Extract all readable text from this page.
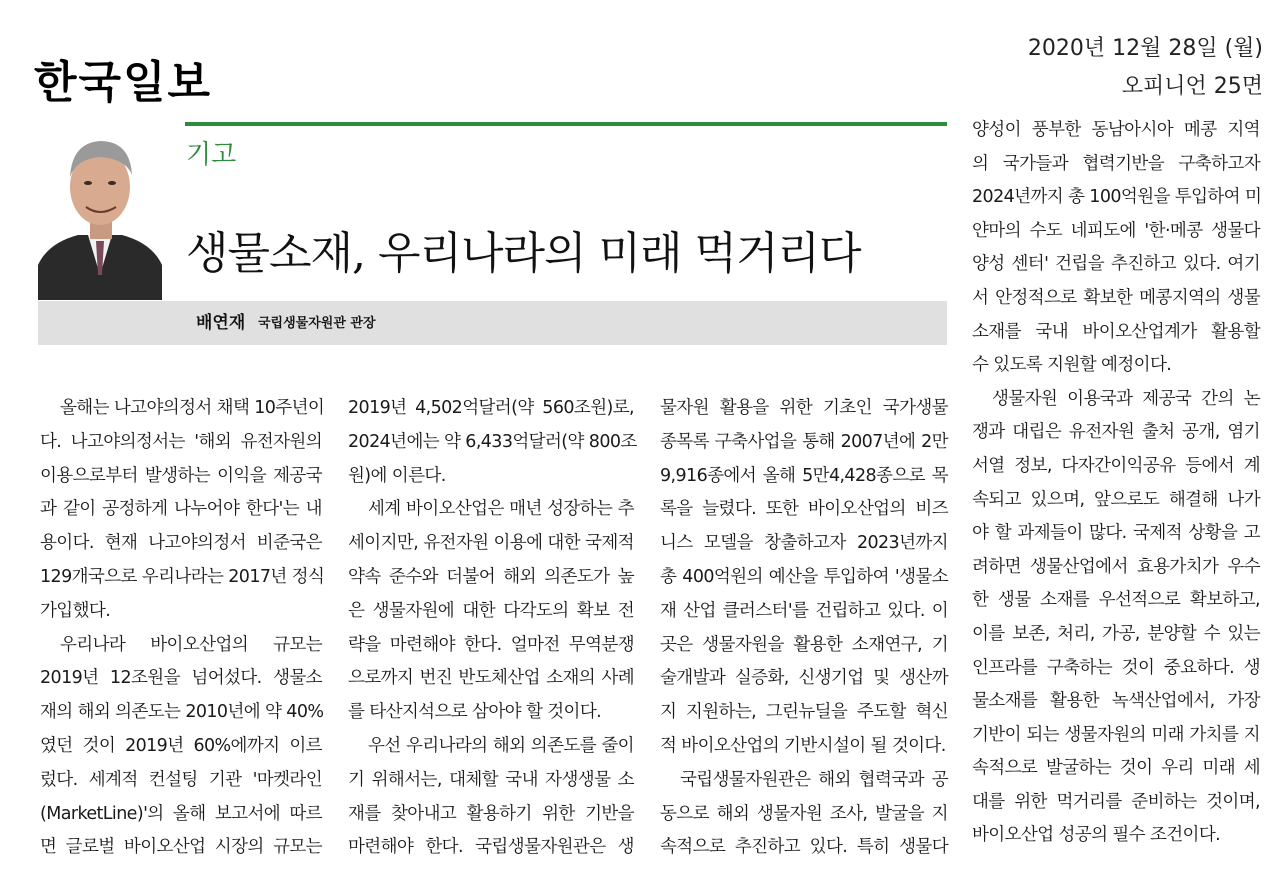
한국일보
2020년 12월 28일 (월)
오피니언 25면
기고
생물소재, 우리나라의 미래 먹거리다
배연재 국립생물자원관 관장
올해는 나고야의정서 채택 10주년이
다. 나고야의정서는 '해외 유전자원의
이용으로부터 발생하는 이익을 제공국
과 같이 공정하게 나누어야 한다'는 내
용이다. 현재 나고야의정서 비준국은
129개국으로 우리나라는 2017년 정식
가입했다.
우리나라 바이오산업의 규모는
2019년 12조원을 넘어섰다. 생물소
재의 해외 의존도는 2010년에 약 40%
였던 것이 2019년 60%에까지 이르
렀다. 세계적 컨설팅 기관 '마켓라인
(MarketLine)'의 올해 보고서에 따르
면 글로벌 바이오산업 시장의 규모는
2019년 4,502억달러(약 560조원)로,
2024년에는 약 6,433억달러(약 800조
원)에 이른다.
세계 바이오산업은 매년 성장하는 추
세이지만, 유전자원 이용에 대한 국제적
약속 준수와 더불어 해외 의존도가 높
은 생물자원에 대한 다각도의 확보 전
략을 마련해야 한다. 얼마전 무역분쟁
으로까지 번진 반도체산업 소재의 사례
를 타산지석으로 삼아야 할 것이다.
우선 우리나라의 해외 의존도를 줄이
기 위해서는, 대체할 국내 자생생물 소
재를 찾아내고 활용하기 위한 기반을
마련해야 한다. 국립생물자원관은 생
물자원 활용을 위한 기초인 국가생물
종목록 구축사업을 통해 2007년에 2만
9,916종에서 올해 5만4,428종으로 목
록을 늘렸다. 또한 바이오산업의 비즈
니스 모델을 창출하고자 2023년까지
총 400억원의 예산을 투입하여 '생물소
재 산업 클러스터'를 건립하고 있다. 이
곳은 생물자원을 활용한 소재연구, 기
술개발과 실증화, 신생기업 및 생산까
지 지원하는, 그린뉴딜을 주도할 혁신
적 바이오산업의 기반시설이 될 것이다.
국립생물자원관은 해외 협력국과 공
동으로 해외 생물자원 조사, 발굴을 지
속적으로 추진하고 있다. 특히 생물다
양성이 풍부한 동남아시아 메콩 지역
의 국가들과 협력기반을 구축하고자
2024년까지 총 100억원을 투입하여 미
얀마의 수도 네피도에 '한·메콩 생물다
양성 센터' 건립을 추진하고 있다. 여기
서 안정적으로 확보한 메콩지역의 생물
소재를 국내 바이오산업계가 활용할
수 있도록 지원할 예정이다.
생물자원 이용국과 제공국 간의 논
쟁과 대립은 유전자원 출처 공개, 염기
서열 정보, 다자간이익공유 등에서 계
속되고 있으며, 앞으로도 해결해 나가
야 할 과제들이 많다. 국제적 상황을 고
려하면 생물산업에서 효용가치가 우수
한 생물 소재를 우선적으로 확보하고,
이를 보존, 처리, 가공, 분양할 수 있는
인프라를 구축하는 것이 중요하다. 생
물소재를 활용한 녹색산업에서, 가장
기반이 되는 생물자원의 미래 가치를 지
속적으로 발굴하는 것이 우리 미래 세
대를 위한 먹거리를 준비하는 것이며,
바이오산업 성공의 필수 조건이다.
